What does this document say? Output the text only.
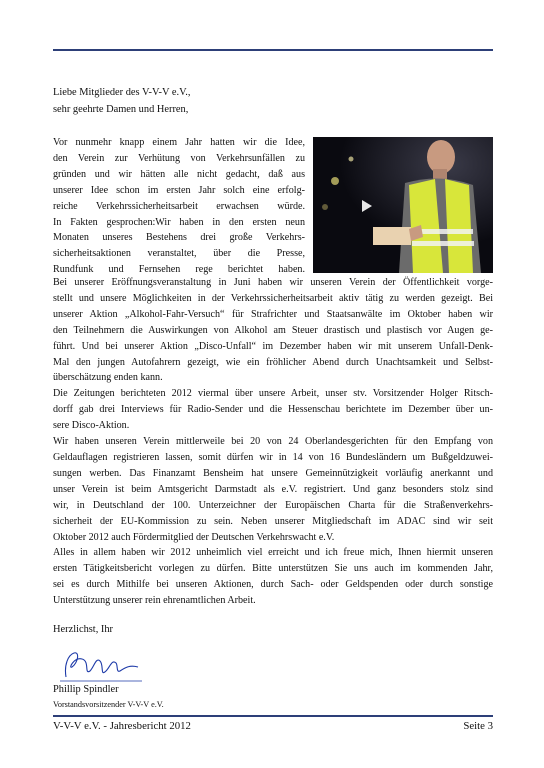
Liebe Mitglieder des V-V-V e.V.,
sehr geehrte Damen und Herren,
Vor nunmehr knapp einem Jahr hatten wir die Idee,
den Verein zur Verhütung von Verkehrsunfällen zu
gründen und wir hätten alle nicht gedacht, daß aus
unserer Idee schon im ersten Jahr solch eine erfolg-
reiche Verkehrssicherheitsarbeit erwachsen würde.
In Fakten gesprochen:Wir haben in den ersten neun
Monaten unseres Bestehens drei große Verkehrs-
sicherheitsaktionen veranstaltet, über die Presse,
Rundfunk und Fernsehen rege berichtet haben.
Bei unserer Eröffnungsveranstaltung in Juni haben wir unseren Verein der Öffentlichkeit vorge-
stellt und unsere Möglichkeiten in der Verkehrssicherheitsarbeit aktiv tätig zu werden gezeigt. Bei
unserer Aktion „Alkohol-Fahr-Versuch“ für Strafrichter und Staatsanwälte im Oktober haben wir
den Teilnehmern die Auswirkungen von Alkohol am Steuer drastisch und plastisch vor Augen ge-
führt. Und bei unserer Aktion „Disco-Unfall“ im Dezember haben wir mit unserem Unfall-Denk-
Mal den jungen Autofahrern gezeigt, wie ein fröhlicher Abend durch Unachtsamkeit und Selbst-
überschätzung enden kann.
Die Zeitungen berichteten 2012 viermal über unsere Arbeit, unser stv. Vorsitzender Holger Ritsch-
dorff gab drei Interviews für Radio-Sender und die Hessenschau berichtete im Dezember über un-
sere Disco-Aktion.
Wir haben unseren Verein mittlerweile bei 20 von 24 Oberlandesgerichten für den Empfang von
Geldauflagen registrieren lassen, somit dürfen wir in 14 von 16 Bundesländern um Bußgeldzuwei-
sungen werben. Das Finanzamt Bensheim hat unsere Gemeinnützigkeit vorläufig anerkannt und
unser Verein ist beim Amtsgericht Darmstadt als e.V. registriert. Und ganz besonders stolz sind
wir, in Deutschland der 100. Unterzeichner der Europäischen Charta für die Straßenverkehrs-
sicherheit der EU-Kommission zu sein. Neben unserer Mitgliedschaft im ADAC sind wir seit
Oktober 2012 auch Fördermitglied der Deutschen Verkehrswacht e.V.
Alles in allem haben wir 2012 unheimlich viel erreicht und ich freue mich, Ihnen hiermit unseren
ersten Tätigkeitsbericht vorlegen zu dürfen. Bitte unterstützen Sie uns auch im kommenden Jahr,
sei es durch Mithilfe bei unseren Aktionen, durch Sach- oder Geldspenden oder durch sonstige
Unterstützung unserer rein ehrenamtlichen Arbeit.
Herzlichst, Ihr
Phillip Spindler
Vorstandsvorsitzender V-V-V e.V.
V-V-V e.V. - Jahresbericht 2012	Seite 3
